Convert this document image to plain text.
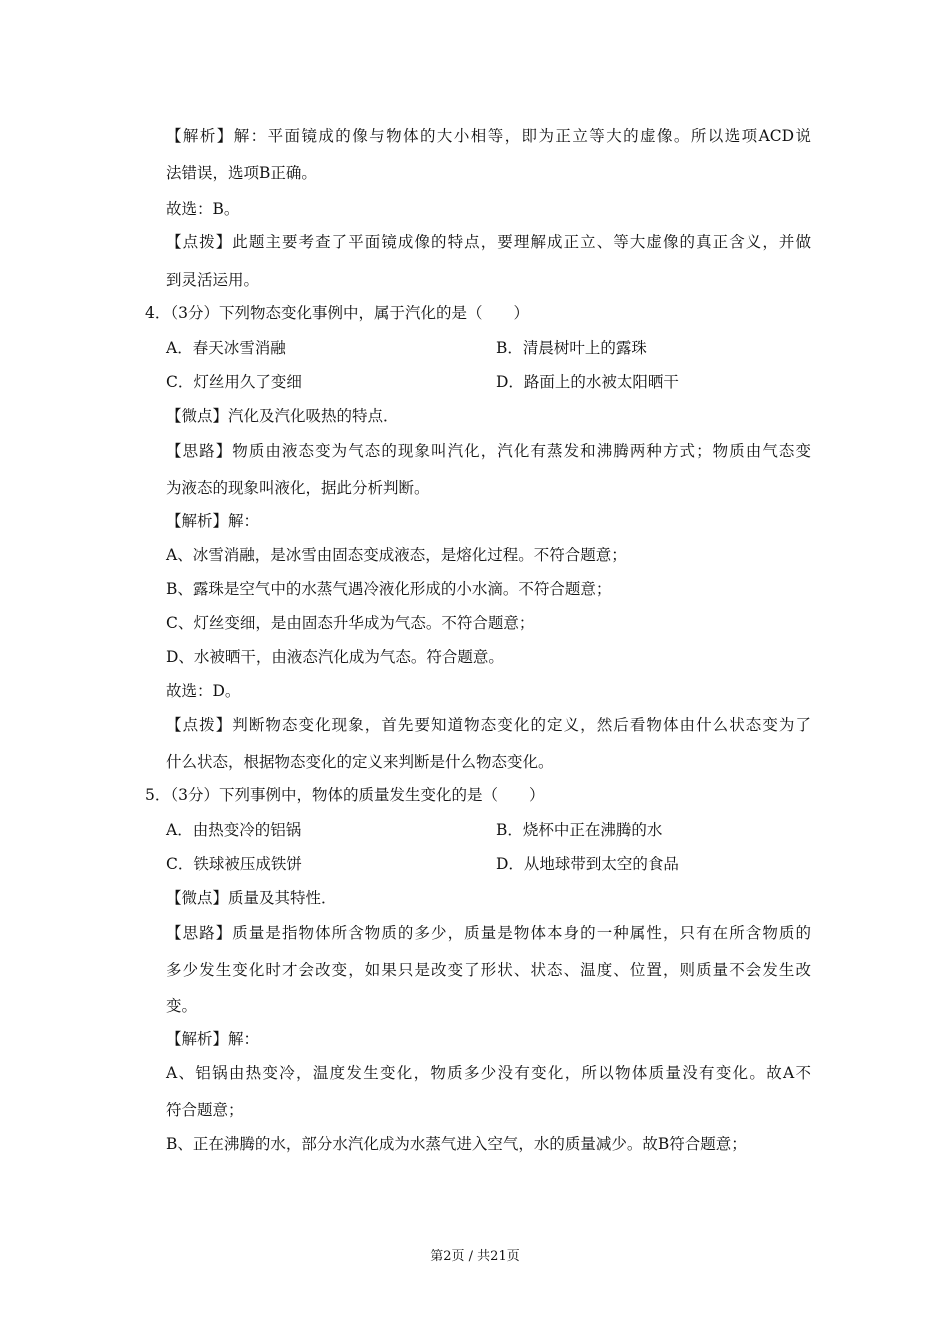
【解析】解：平面镜成的像与物体的大小相等，即为正立等大的虚像。所以选项ACD说
法错误，选项B正确。
故选：B。
【点拨】此题主要考查了平面镜成像的特点，要理解成正立、等大虚像的真正含义，并做
到灵活运用。
4．（3分）下列物态变化事例中，属于汽化的是（　　）
A．春天冰雪消融	B．清晨树叶上的露珠
C．灯丝用久了变细	D．路面上的水被太阳晒干
【微点】汽化及汽化吸热的特点．
【思路】物质由液态变为气态的现象叫汽化，汽化有蒸发和沸腾两种方式；物质由气态变
为液态的现象叫液化，据此分析判断。
【解析】解：
A、冰雪消融，是冰雪由固态变成液态，是熔化过程。不符合题意；
B、露珠是空气中的水蒸气遇冷液化形成的小水滴。不符合题意；
C、灯丝变细，是由固态升华成为气态。不符合题意；
D、水被晒干，由液态汽化成为气态。符合题意。
故选：D。
【点拨】判断物态变化现象，首先要知道物态变化的定义，然后看物体由什么状态变为了
什么状态，根据物态变化的定义来判断是什么物态变化。
5．（3分）下列事例中，物体的质量发生变化的是（　　）
A．由热变冷的铝锅	B．烧杯中正在沸腾的水
C．铁球被压成铁饼	D．从地球带到太空的食品
【微点】质量及其特性．
【思路】质量是指物体所含物质的多少，质量是物体本身的一种属性，只有在所含物质的
多少发生变化时才会改变，如果只是改变了形状、状态、温度、位置，则质量不会发生改
变。
【解析】解：
A、铝锅由热变冷，温度发生变化，物质多少没有变化，所以物体质量没有变化。故A不
符合题意；
B、正在沸腾的水，部分水汽化成为水蒸气进入空气，水的质量减少。故B符合题意；
第2页 / 共21页
